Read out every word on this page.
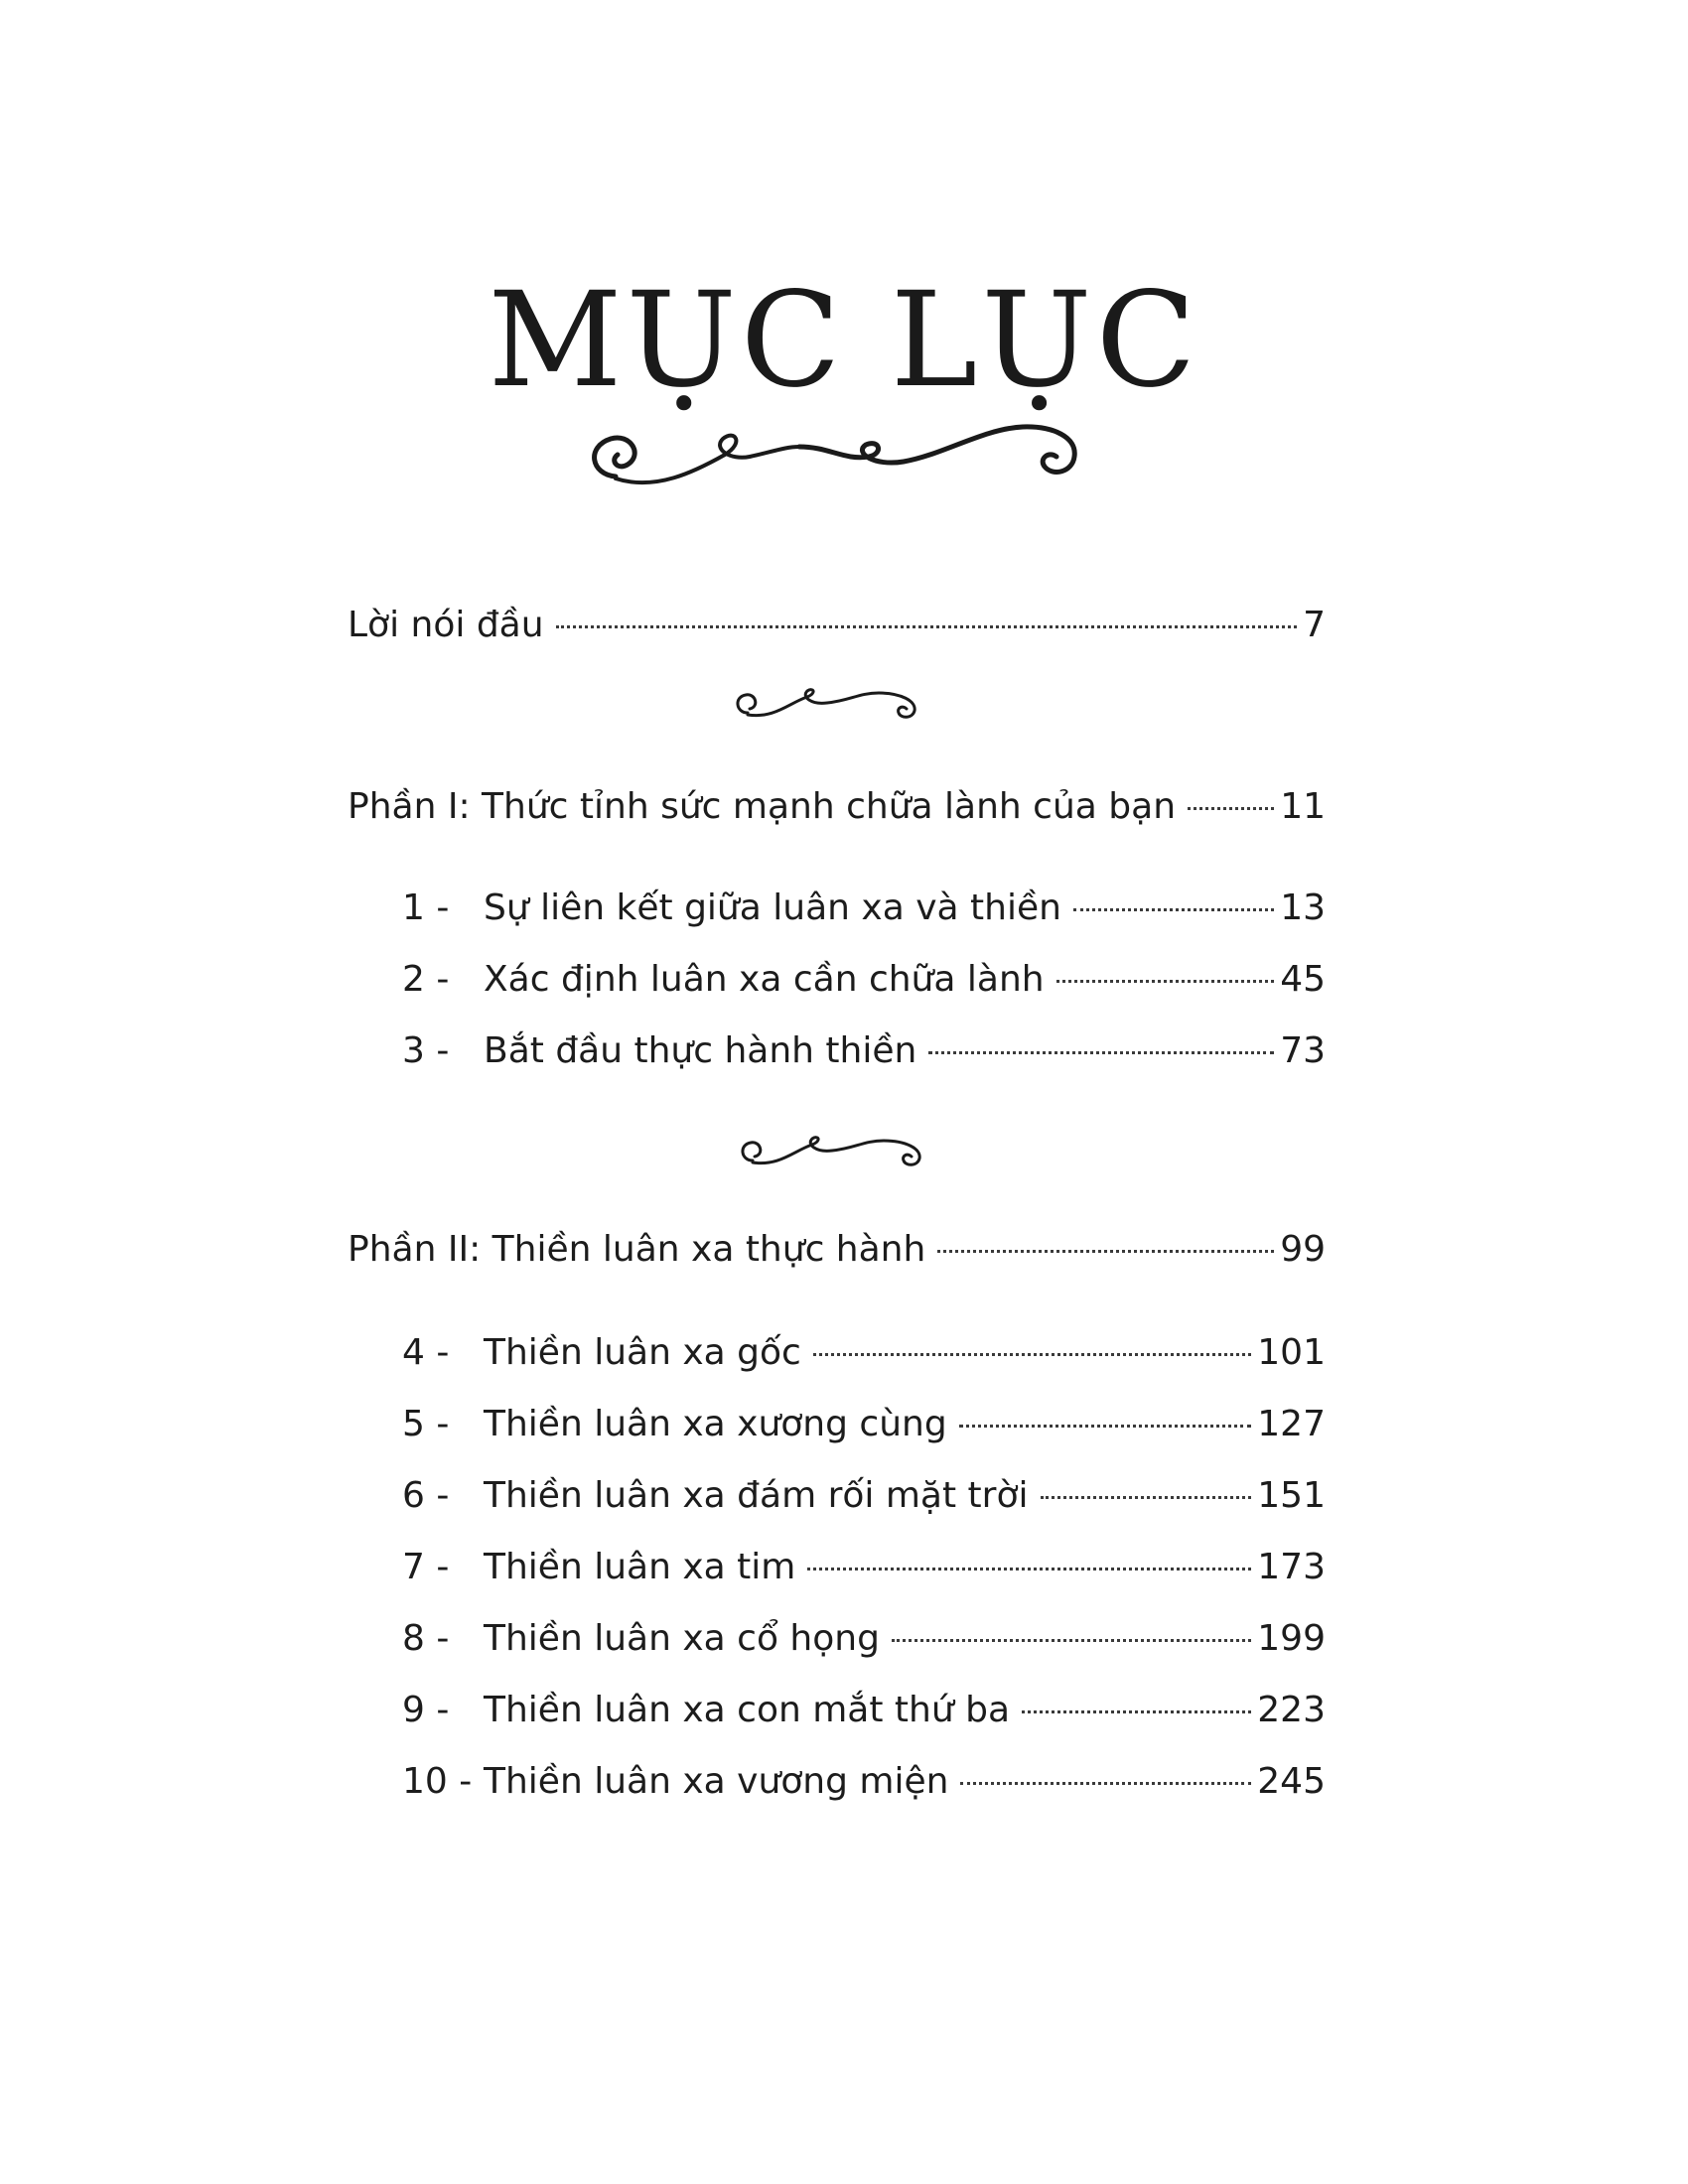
MỤC LỤC
Lời nói đầu	7
Phần I: Thức tỉnh sức mạnh chữa lành của bạn	11
1 - Sự liên kết giữa luân xa và thiền	13
2 - Xác định luân xa cần chữa lành	45
3 - Bắt đầu thực hành thiền	73
Phần II: Thiền luân xa thực hành	99
4 - Thiền luân xa gốc	101
5 - Thiền luân xa xương cùng	127
6 - Thiền luân xa đám rối mặt trời	151
7 - Thiền luân xa tim	173
8 - Thiền luân xa cổ họng	199
9 - Thiền luân xa con mắt thứ ba	223
10 - Thiền luân xa vương miện	245
